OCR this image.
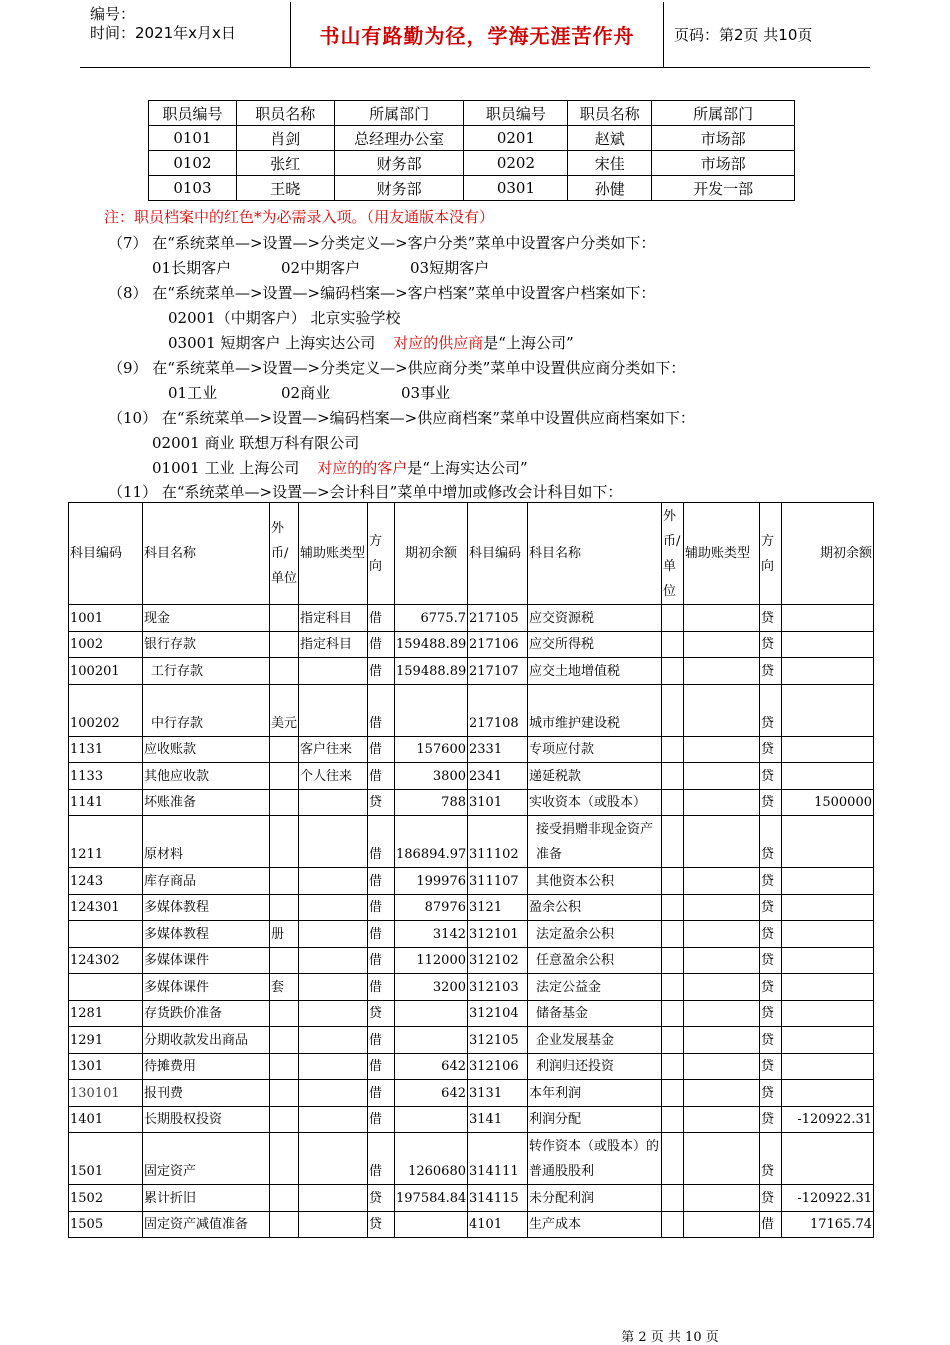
编号：
时间：2021年x月x日	书山有路勤为径，学海无涯苦作舟	页码：第2页 共10页
职员编号	职员名称	所属部门	职员编号	职员名称	所属部门
0101	肖剑	总经理办公室	0201	赵斌	市场部
0102	张红	财务部	0202	宋佳	市场部
0103	王晓	财务部	0301	孙健	开发一部
注：职员档案中的红色*为必需录入项。（用友通版本没有）
（7） 在“系统菜单—>设置—>分类定义—>客户分类”菜单中设置客户分类如下：
01长期客户	02中期客户	03短期客户
（8） 在“系统菜单—>设置—>编码档案—>客户档案”菜单中设置客户档案如下：
02001（中期客户） 北京实验学校
03001 短期客户 上海实达公司 对应的供应商是“上海公司”
（9） 在“系统菜单—>设置—>分类定义—>供应商分类”菜单中设置供应商分类如下：
01工业	02商业	03事业
（10） 在“系统菜单—>设置—>编码档案—>供应商档案”菜单中设置供应商档案如下：
02001 商业 联想万科有限公司
01001 工业 上海公司 对应的的客户是“上海实达公司”
（11） 在“系统菜单—>设置—>会计科目”菜单中增加或修改会计科目如下：
科目编码	科目名称	外币/单位	辅助账类型	方向	期初余额	科目编码	科目名称	外币/单位	辅助账类型	方向	期初余额
1001	现金		指定科目	借	6775.7	217105	应交资源税			贷	
1002	银行存款		指定科目	借	159488.89	217106	应交所得税			贷	
100201	工行存款			借	159488.89	217107	应交土地增值税			贷	
100202	中行存款	美元		借		217108	城市维护建设税			贷	
1131	应收账款		客户往来	借	157600	2331	专项应付款			贷	
1133	其他应收款		个人往来	借	3800	2341	递延税款			贷	
1141	坏账准备			贷	788	3101	实收资本（或股本）			贷	1500000
1211	原材料			借	186894.97	311102	接受捐赠非现金资产准备			贷	
1243	库存商品			借	199976	311107	其他资本公积			贷	
124301	多媒体教程			借	87976	3121	盈余公积			贷	
	多媒体教程	册		借	3142	312101	法定盈余公积			贷	
124302	多媒体课件			借	112000	312102	任意盈余公积			贷	
	多媒体课件	套		借	3200	312103	法定公益金			贷	
1281	存货跌价准备			贷		312104	储备基金			贷	
1291	分期收款发出商品			借		312105	企业发展基金			贷	
1301	待摊费用			借	642	312106	利润归还投资			贷	
130101	报刊费			借	642	3131	本年利润			贷	
1401	长期股权投资			借		3141	利润分配			贷	-120922.31
1501	固定资产			借	1260680	314111	转作资本（或股本）的普通股股利			贷	
1502	累计折旧			贷	197584.84	314115	未分配利润			贷	-120922.31
1505	固定资产减值准备			贷		4101	生产成本			借	17165.74
第 2 页 共 10 页
